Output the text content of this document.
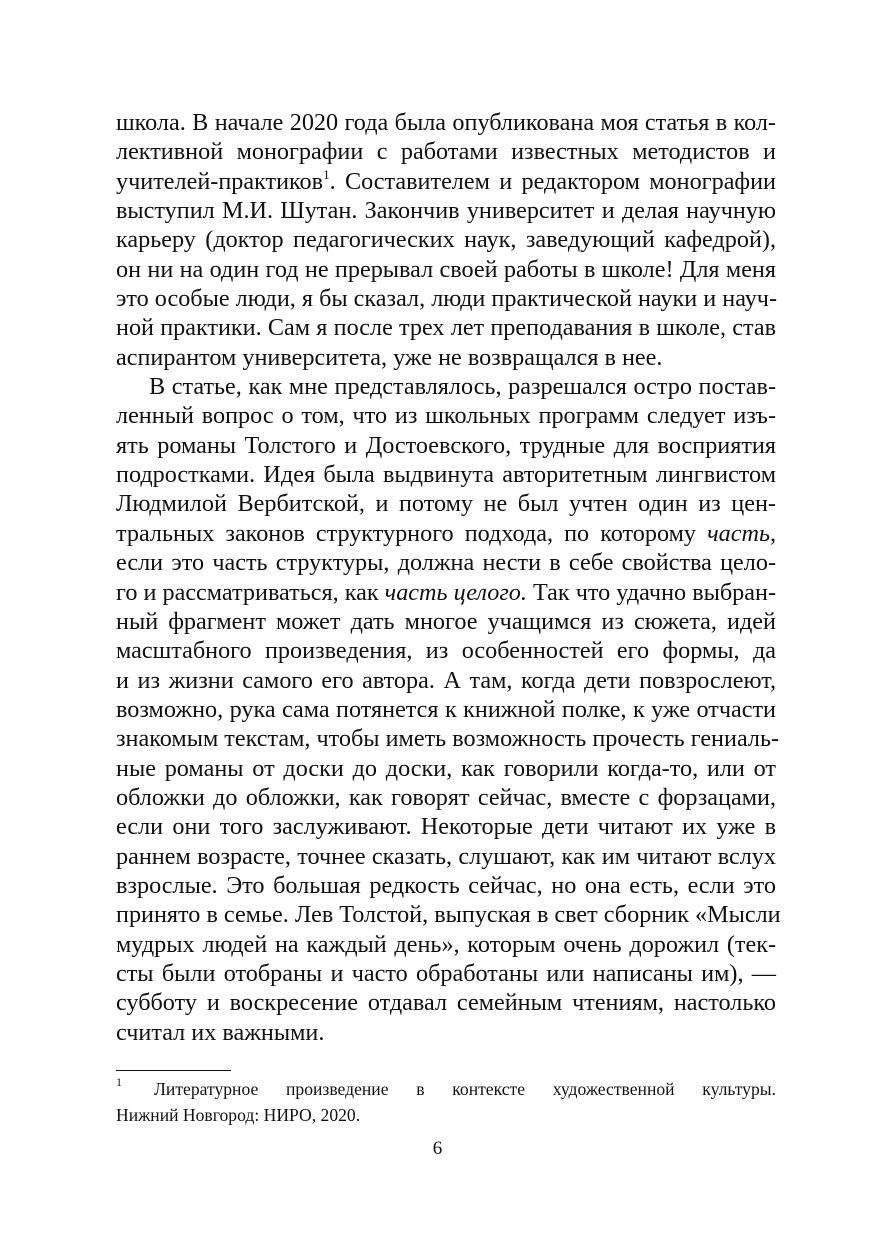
школа. В начале 2020 года была опубликована моя статья в кол-
лективной монографии с работами известных методистов и
учителей-практиков$^1$. Составителем и редактором монографии
выступил М.И. Шутан. Закончив университет и делая научную
карьеру (доктор педагогических наук, заведующий кафедрой),
он ни на один год не прерывал своей работы в школе! Для меня
это особые люди, я бы сказал, люди практической науки и науч-
ной практики. Сам я после трех лет преподавания в школе, став
аспирантом университета, уже не возвращался в нее.

В статье, как мне представлялось, разрешался остро постав-
ленный вопрос о том, что из школьных программ следует изъ-
ять романы Толстого и Достоевского, трудные для восприятия
подростками. Идея была выдвинута авторитетным лингвистом
Людмилой Вербитской, и потому не был учтен один из цен-
тральных законов структурного подхода, по которому часть,
если это часть структуры, должна нести в себе свойства цело-
го и рассматриваться, как часть целого. Так что удачно выбран-
ный фрагмент может дать многое учащимся из сюжета, идей
масштабного произведения, из особенностей его формы, да
и из жизни самого его автора. А там, когда дети повзрослеют,
возможно, рука сама потянется к книжной полке, к уже отчасти
знакомым текстам, чтобы иметь возможность прочесть гениаль-
ные романы от доски до доски, как говорили когда-то, или от
обложки до обложки, как говорят сейчас, вместе с форзацами,
если они того заслуживают. Некоторые дети читают их уже в
раннем возрасте, точнее сказать, слушают, как им читают вслух
взрослые. Это большая редкость сейчас, но она есть, если это
принято в семье. Лев Толстой, выпуская в свет сборник «Мысли
мудрых людей на каждый день», которым очень дорожил (тек-
сты были отобраны и часто обработаны или написаны им), —
субботу и воскресение отдавал семейным чтениям, настолько
считал их важными.

1 Литературное произведение в контексте художественной культуры.
Нижний Новгород: НИРО, 2020.
6
